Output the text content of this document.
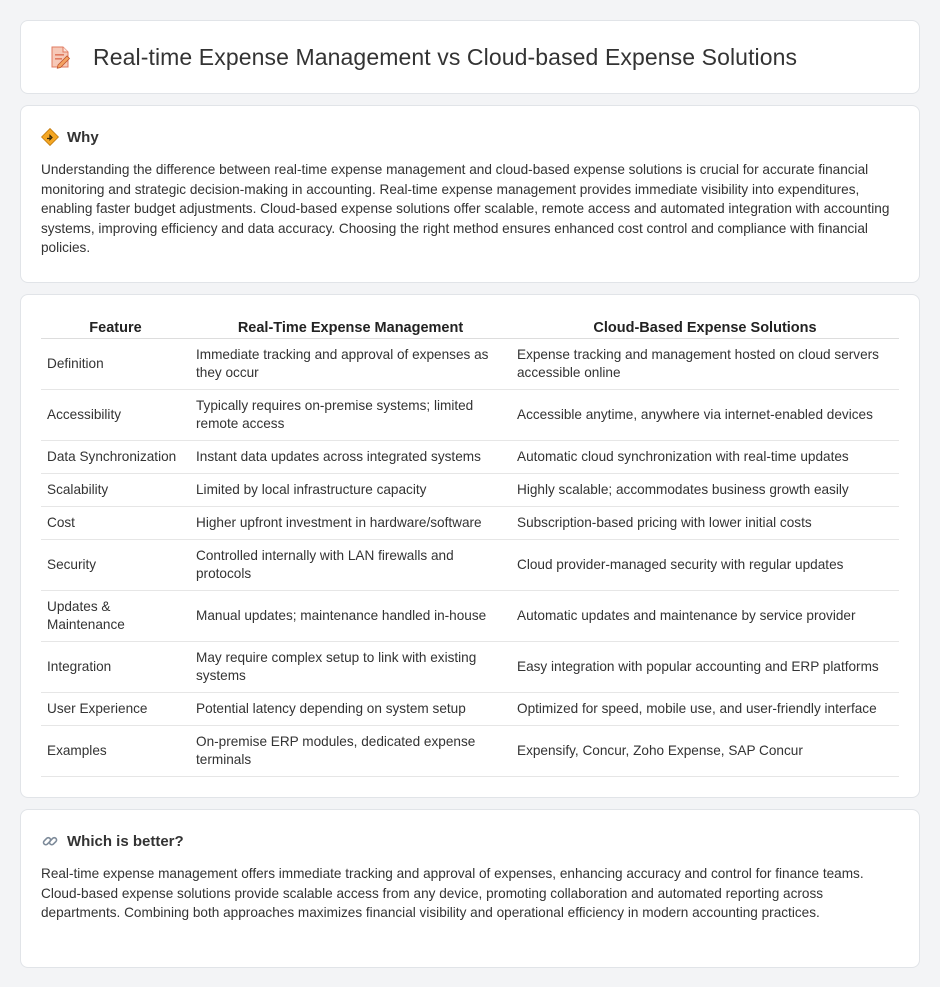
Real-time Expense Management vs Cloud-based Expense Solutions
Why

Understanding the difference between real-time expense management and cloud-based expense solutions is crucial for accurate financial monitoring and strategic decision-making in accounting. Real-time expense management provides immediate visibility into expenditures, enabling faster budget adjustments. Cloud-based expense solutions offer scalable, remote access and automated integration with accounting systems, improving efficiency and data accuracy. Choosing the right method ensures enhanced cost control and compliance with financial policies.

Feature	Real-Time Expense Management	Cloud-Based Expense Solutions
Definition	Immediate tracking and approval of expenses as they occur	Expense tracking and management hosted on cloud servers accessible online
Accessibility	Typically requires on-premise systems; limited remote access	Accessible anytime, anywhere via internet-enabled devices
Data Synchronization	Instant data updates across integrated systems	Automatic cloud synchronization with real-time updates
Scalability	Limited by local infrastructure capacity	Highly scalable; accommodates business growth easily
Cost	Higher upfront investment in hardware/software	Subscription-based pricing with lower initial costs
Security	Controlled internally with LAN firewalls and protocols	Cloud provider-managed security with regular updates
Updates & Maintenance	Manual updates; maintenance handled in-house	Automatic updates and maintenance by service provider
Integration	May require complex setup to link with existing systems	Easy integration with popular accounting and ERP platforms
User Experience	Potential latency depending on system setup	Optimized for speed, mobile use, and user-friendly interface
Examples	On-premise ERP modules, dedicated expense terminals	Expensify, Concur, Zoho Expense, SAP Concur
Which is better?

Real-time expense management offers immediate tracking and approval of expenses, enhancing accuracy and control for finance teams. Cloud-based expense solutions provide scalable access from any device, promoting collaboration and automated reporting across departments. Combining both approaches maximizes financial visibility and operational efficiency in modern accounting practices.
